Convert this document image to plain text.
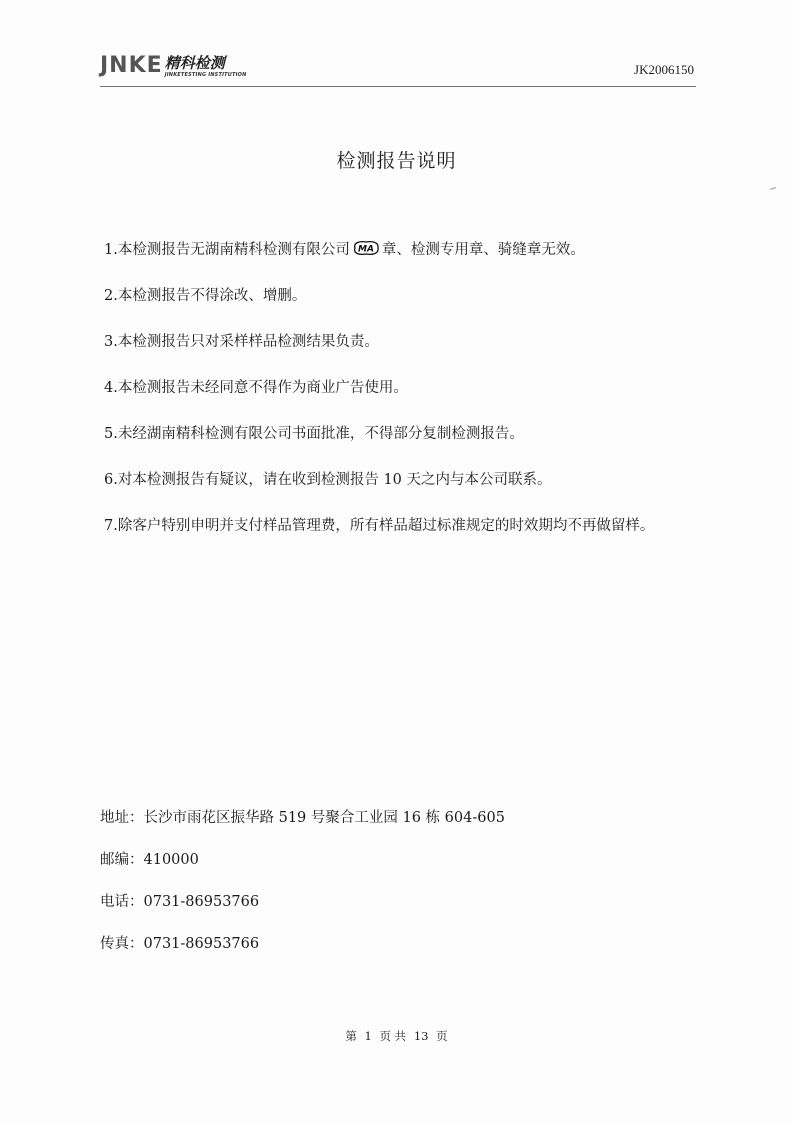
JNKE 精科检测
JINKETESTING INSTITUTION	JK2006150
检测报告说明
1.本检测报告无湖南精科检测有限公司 MA 章、检测专用章、骑缝章无效。
2.本检测报告不得涂改、增删。
3.本检测报告只对采样样品检测结果负责。
4.本检测报告未经同意不得作为商业广告使用。
5.未经湖南精科检测有限公司书面批准，不得部分复制检测报告。
6.对本检测报告有疑议，请在收到检测报告 10 天之内与本公司联系。
7.除客户特别申明并支付样品管理费，所有样品超过标准规定的时效期均不再做留样。
地址：长沙市雨花区振华路 519 号聚合工业园 16 栋 604-605
邮编：410000
电话：0731-86953766
传真：0731-86953766
第 1 页 共 13 页
